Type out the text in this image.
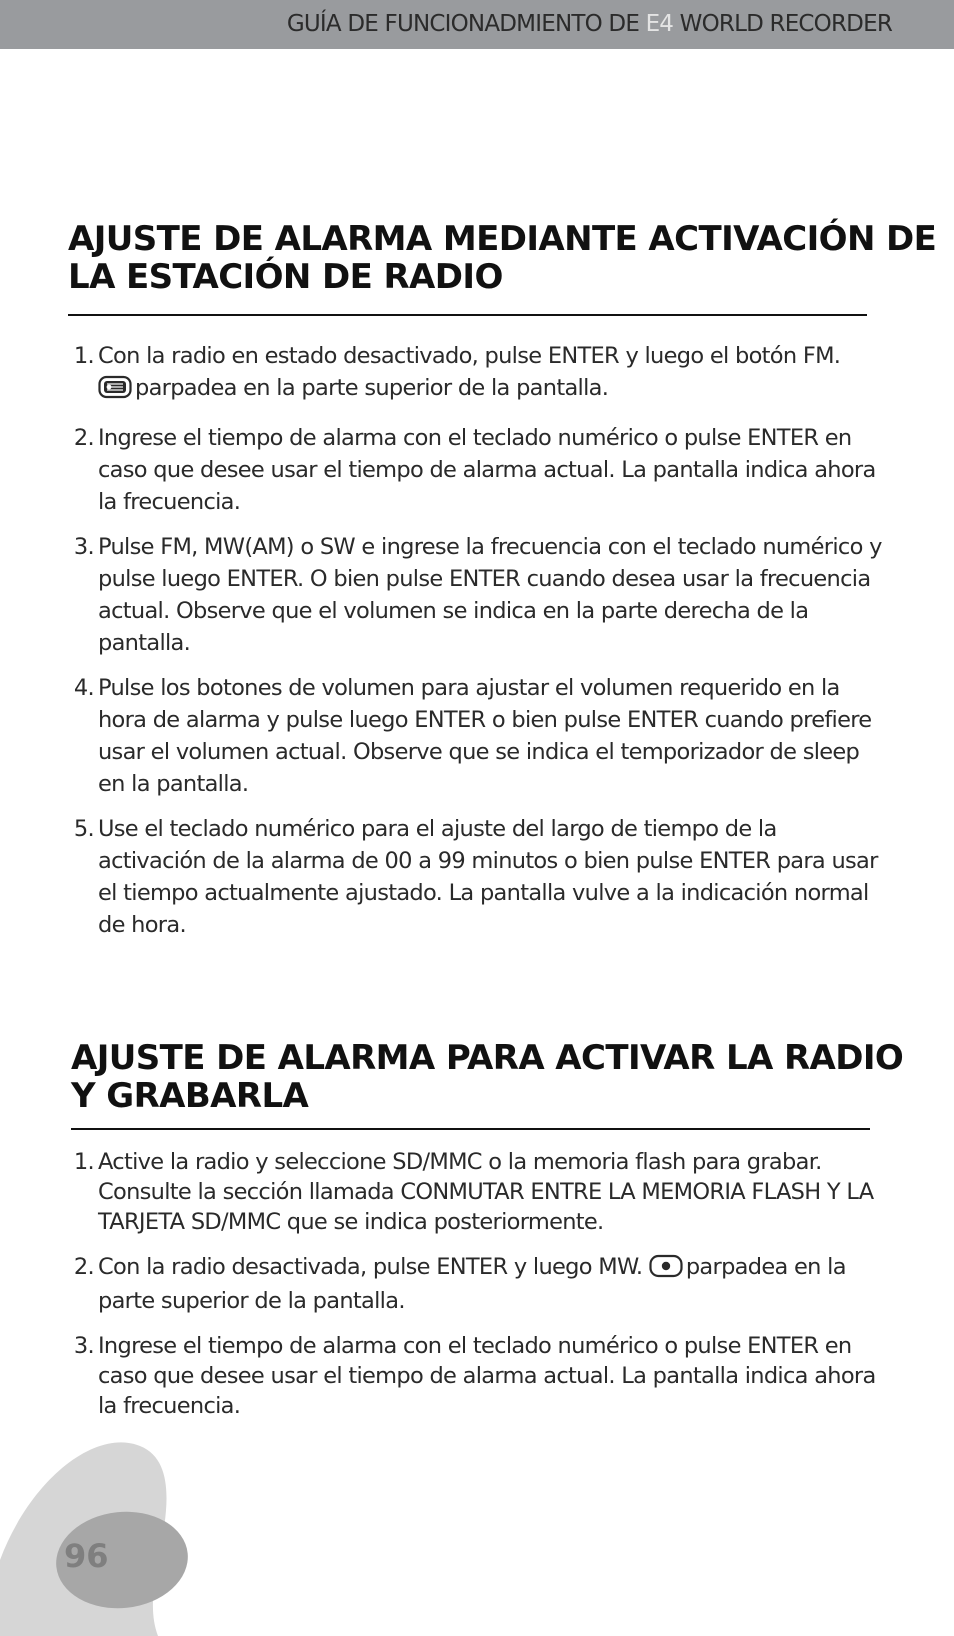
GUÍA DE FUNCIONADMIENTO DE E4 WORLD RECORDER
AJUSTE DE ALARMA MEDIANTE ACTIVACIÓN DE
LA ESTACIÓN DE RADIO
1. Con la radio en estado desactivado, pulse ENTER y luego el botón FM.
parpadea en la parte superior de la pantalla.
2. Ingrese el tiempo de alarma con el teclado numérico o pulse ENTER en caso que desee usar el tiempo de alarma actual. La pantalla indica ahora la frecuencia.
3. Pulse FM, MW(AM) o SW e ingrese la frecuencia con el teclado numérico y pulse luego ENTER. O bien pulse ENTER cuando desea usar la frecuencia actual. Observe que el volumen se indica en la parte derecha de la pantalla.
4. Pulse los botones de volumen para ajustar el volumen requerido en la hora de alarma y pulse luego ENTER o bien pulse ENTER cuando prefiere usar el volumen actual. Observe que se indica el temporizador de sleep en la pantalla.
5. Use el teclado numérico para el ajuste del largo de tiempo de la activación de la alarma de 00 a 99 minutos o bien pulse ENTER para usar el tiempo actualmente ajustado. La pantalla vulve a la indicación normal de hora.
AJUSTE DE ALARMA PARA ACTIVAR LA RADIO
Y GRABARLA
1. Active la radio y seleccione SD/MMC o la memoria flash para grabar. Consulte la sección llamada CONMUTAR ENTRE LA MEMORIA FLASH Y LA TARJETA SD/MMC que se indica posteriormente.
2. Con la radio desactivada, pulse ENTER y luego MW. parpadea en la parte superior de la pantalla.
3. Ingrese el tiempo de alarma con el teclado numérico o pulse ENTER en caso que desee usar el tiempo de alarma actual. La pantalla indica ahora la frecuencia.
96
